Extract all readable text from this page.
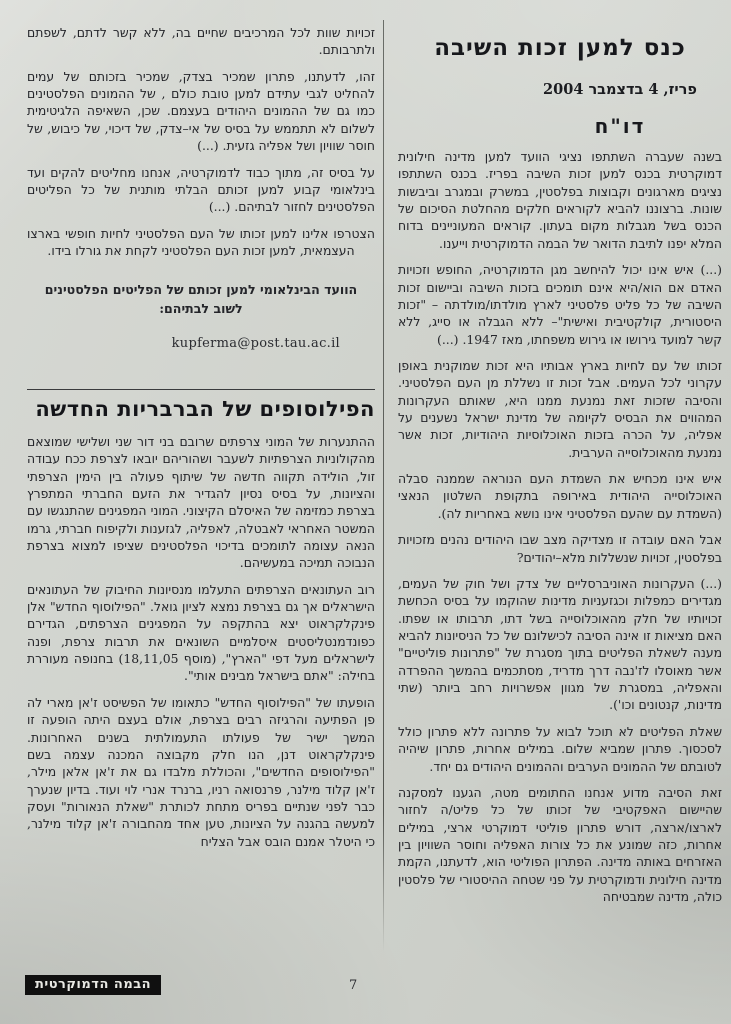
כנס למען זכות השיבה
פריז, 4 בדצמבר 2004
דו"ח

בשנה שעברה השתתפו נציגי הוועד למען מדינה חילונית דמוקרטית בכנס למען זכות השיבה בפריז. בכנס השתתפו נציגים מארגונים וקבוצות בפלסטין, במשרק ובמגרב וביבשות שונות. ברצוננו להביא לקוראים חלקים מהחלטת הסיכום של הכנס בשל מגבלות מקום בעתון. קוראים המעוניינים בדוח המלא יפנו לתיבת הדואר של הבמה הדמוקרטית וייענו.

(...) איש אינו יכול להיחשב מגן הדמוקרטיה, החופש וזכויות האדם אם הוא/היא אינם תומכים בזכות השיבה וביישום זכות השיבה של כל פליט פלסטיני לארץ מולדתו/מולדתה – "זכות היסטורית, קולקטיבית ואישית"– ללא הגבלה או סייג, ללא קשר למועד גירושו או גירוש משפחתו, מאז 1947. (...)

זכותו של עם לחיות בארץ אבותיו היא זכות שמוקנית באופן עקרוני לכל העמים. אבל זכות זו נשללת מן העם הפלסטיני. והסיבה שזכות זאת נמנעת ממנו היא, שאותם העקרונות המהווים את הבסיס לקיומה של מדינת ישראל נשענים על אפליה, על הכרה בזכות האוכלוסיות היהודיות, זכות אשר נמנעת מהאוכלוסייה הערבית.

איש אינו מכחיש את השמדת העם הנוראה שממנה סבלה האוכלוסייה היהודית באירופה בתקופת השלטון הנאצי (השמדת עם שהעם הפלסטיני אינו נושא באחריות לה).

אבל האם עובדה זו מצדיקה מצב שבו היהודים נהנים מזכויות בפלסטין, זכויות שנשללות מלא–יהודים?

(...) העקרונות האוניברסליים של צדק ושל חוק של העמים, מגדירים כמפלות וכגזעניות מדינות שהוקמו על בסיס הכחשת זכויותיו של חלק מהאוכלוסייה בשל דתו, תרבותו או שפתו. האם מציאות זו אינה הסיבה לכישלונם של כל הניסיונות להביא מענה לשאלת הפליטים בתוך מסגרת של "פתרונות פוליטיים" אשר מאוסלו לז'נבה דרך מדריד, מסתכמים בהמשך ההפרדה והאפליה, במסגרת של מגוון אפשרויות רחב ביותר (שתי מדינות, קנטונים וכו').

שאלת הפליטים לא תוכל לבוא על פתרונה ללא פתרון כולל לסכסוך. פתרון שמביא שלום. במילים אחרות, פתרון שיהיה לטובתם של ההמונים הערבים וההמונים היהודים גם יחד.

זאת הסיבה מדוע אנחנו החתומים מטה, הגענו למסקנה שהיישום האפקטיבי של זכותו של כל פליט/ה לחזור לארצו/ארצה, דורש פתרון פוליטי דמוקרטי ארצי, במילים אחרות, כזה שמונע את כל צורות האפליה וחוסר השוויון בין האזרחים באותה מדינה. הפתרון הפוליטי הוא, לדעתנו, הקמת מדינה חילונית ודמוקרטית על פני שטחה ההיסטורי של פלסטין כולה, מדינה שמבטיחה

זכויות שוות לכל המרכיבים שחיים בה, ללא קשר לדתם, לשפתם ולתרבותם.

זהו, לדעתנו, פתרון שמכיר בצדק, שמכיר בזכותם של עמים להחליט לגבי עתידם למען טובת כולם , של ההמונים הפלסטינים כמו גם של ההמונים היהודים בעצמם. שכן, השאיפה הלגיטימית לשלום לא תתממש על בסיס של אי–צדק, של דיכוי, של כיבוש, של חוסר שוויון ושל אפליה גזעית. (...)

על בסיס זה, מתוך כבוד לדמוקרטיה, אנחנו מחליטים להקים ועד בינלאומי קבוע למען זכותם הבלתי מותנית של כל הפליטים הפלסטינים לחזור לבתיהם. (...)

הצטרפו אלינו למען זכותו של העם הפלסטיני לחיות חופשי בארצו העצמאית, למען זכות העם הפלסטיני לקחת את גורלו בידו.

הוועד הבינלאומי למען זכותם של הפליטים הפלסטינים לשוב לבתיהם:
kupferma@post.tau.ac.il
הפילוסופים של הברבריות החדשה

ההתנערות של המוני צרפתים שרובם בני דור שני ושלישי שמוצאם מהקולוניות הצרפתיות לשעבר ושהוריהם יובאו לצרפת ככח עבודה זול, הולידה תקווה חדשה של שיתוף פעולה בין הימין הצרפתי והציונות, על בסיס נסיון להגדיר את הזעם החברתי המתפרץ בצרפת כמזימה של האיסלם הקיצוני. המוני המפגינים שהתנגשו עם המשטר האחראי לאבטלה, לאפליה, לגזענות ולקיפוח חברתי, גרמו הנאה עצומה לתומכים בדיכוי הפלסטינים שציפו למצוא בצרפת הנבוכה תמיכה במעשיהם.

רוב העתונאים הצרפתים התעלמו מנסיונות החיבוק של העתונאים הישראלים אך גם בצרפת נמצא לציון גואל. "הפילוסוף החדש" אלן פינקלקראוט יצא בהתקפה על המפגינים הצרפתים, הגדירם כפונדמנטליסטים איסלמיים השונאים את תרבות צרפת, ופנה לישראלים מעל דפי "הארץ", (מוסף 18,11,05) בחנופה מעוררת בחילה: "אתם בישראל מבינים אותי".

הופעתו של "הפילוסוף החדש" כתאומו של הפשיסט ז'אן מארי לה פן הפתיעה והרגיזה רבים בצרפת, אולם בעצם היתה הופעה זו המשך ישיר של פעולתו התעמולתית בשנים האחרונות. פינקלקראוט דנן, הנו חלק מקבוצה המכנה עצמה בשם "הפילוסופים החדשים", והכוללת מלבדו גם את ז'אן אלאן מילר, ז'אן קלוד מילנר, פרנסואה רניו, ברנרד אנרי לוי ועוד. בדיון שנערך כבר לפני שנתיים בפריס מתחת לכותרת "שאלת הנאורות" ועסק למעשה בהגנה על הציונות, טען אחד מהחבורה ז'אן קלוד מילנר, כי היטלר אמנם הובס אבל הצליח

הבמה הדמוקרטית	7
